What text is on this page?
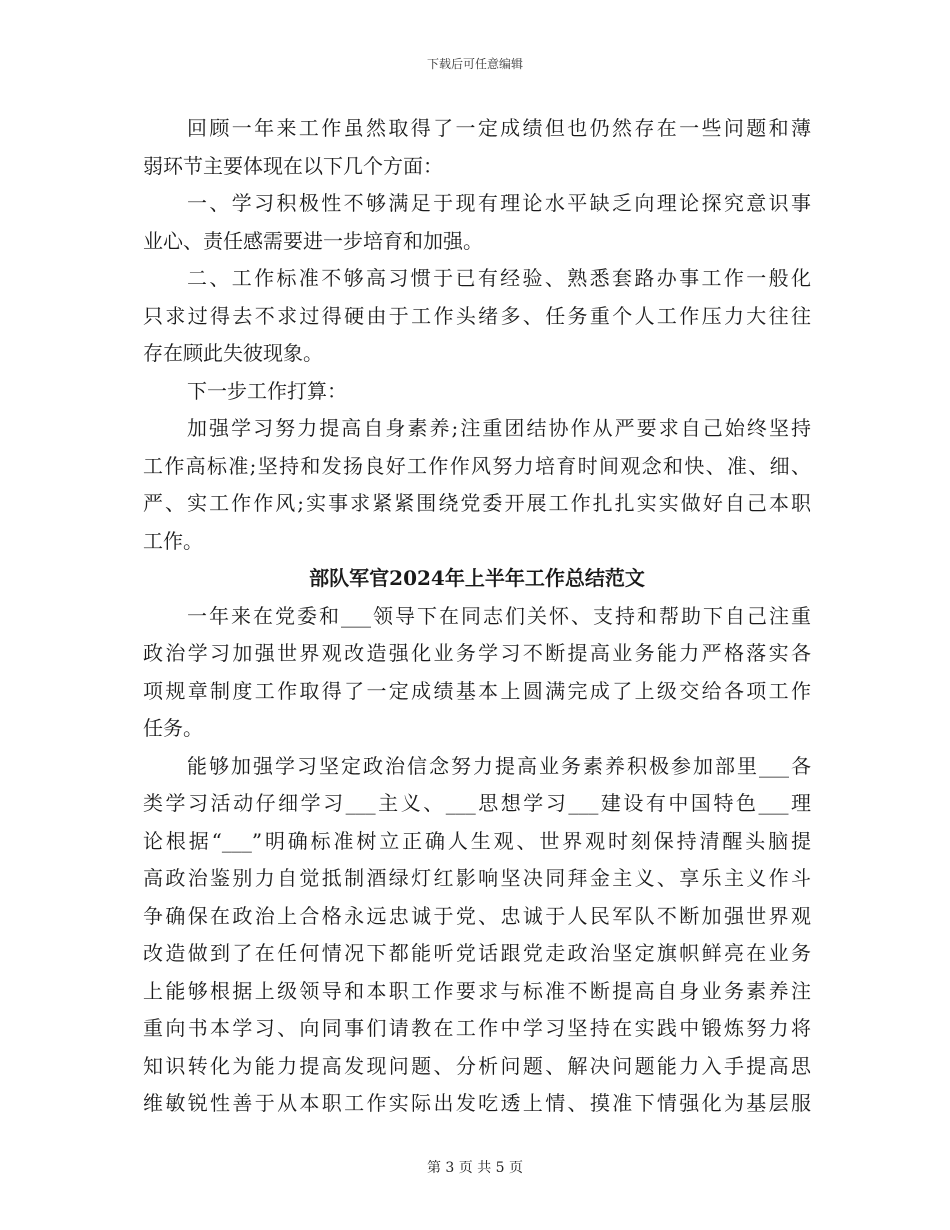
下载后可任意编辑
回顾一年来工作虽然取得了一定成绩但也仍然存在一些问题和薄
弱环节主要体现在以下几个方面：
一、学习积极性不够满足于现有理论水平缺乏向理论探究意识事
业心、责任感需要进一步培育和加强。
二、工作标准不够高习惯于已有经验、熟悉套路办事工作一般化
只求过得去不求过得硬由于工作头绪多、任务重个人工作压力大往往
存在顾此失彼现象。
下一步工作打算：
加强学习努力提高自身素养;注重团结协作从严要求自己始终坚持
工作高标准;坚持和发扬良好工作作风努力培育时间观念和快、准、细、
严、实工作作风;实事求紧紧围绕党委开展工作扎扎实实做好自己本职
工作。
部队军官2024年上半年工作总结范文
一年来在党委和___领导下在同志们关怀、支持和帮助下自己注重
政治学习加强世界观改造强化业务学习不断提高业务能力严格落实各
项规章制度工作取得了一定成绩基本上圆满完成了上级交给各项工作
任务。
能够加强学习坚定政治信念努力提高业务素养积极参加部里___各
类学习活动仔细学习___主义、___思想学习___建设有中国特色___理
论根据“___”明确标准树立正确人生观、世界观时刻保持清醒头脑提
高政治鉴别力自觉抵制酒绿灯红影响坚决同拜金主义、享乐主义作斗
争确保在政治上合格永远忠诚于党、忠诚于人民军队不断加强世界观
改造做到了在任何情况下都能听党话跟党走政治坚定旗帜鲜亮在业务
上能够根据上级领导和本职工作要求与标准不断提高自身业务素养注
重向书本学习、向同事们请教在工作中学习坚持在实践中锻炼努力将
知识转化为能力提高发现问题、分析问题、解决问题能力入手提高思
维敏锐性善于从本职工作实际出发吃透上情、摸准下情强化为基层服
第 3 页 共 5 页
